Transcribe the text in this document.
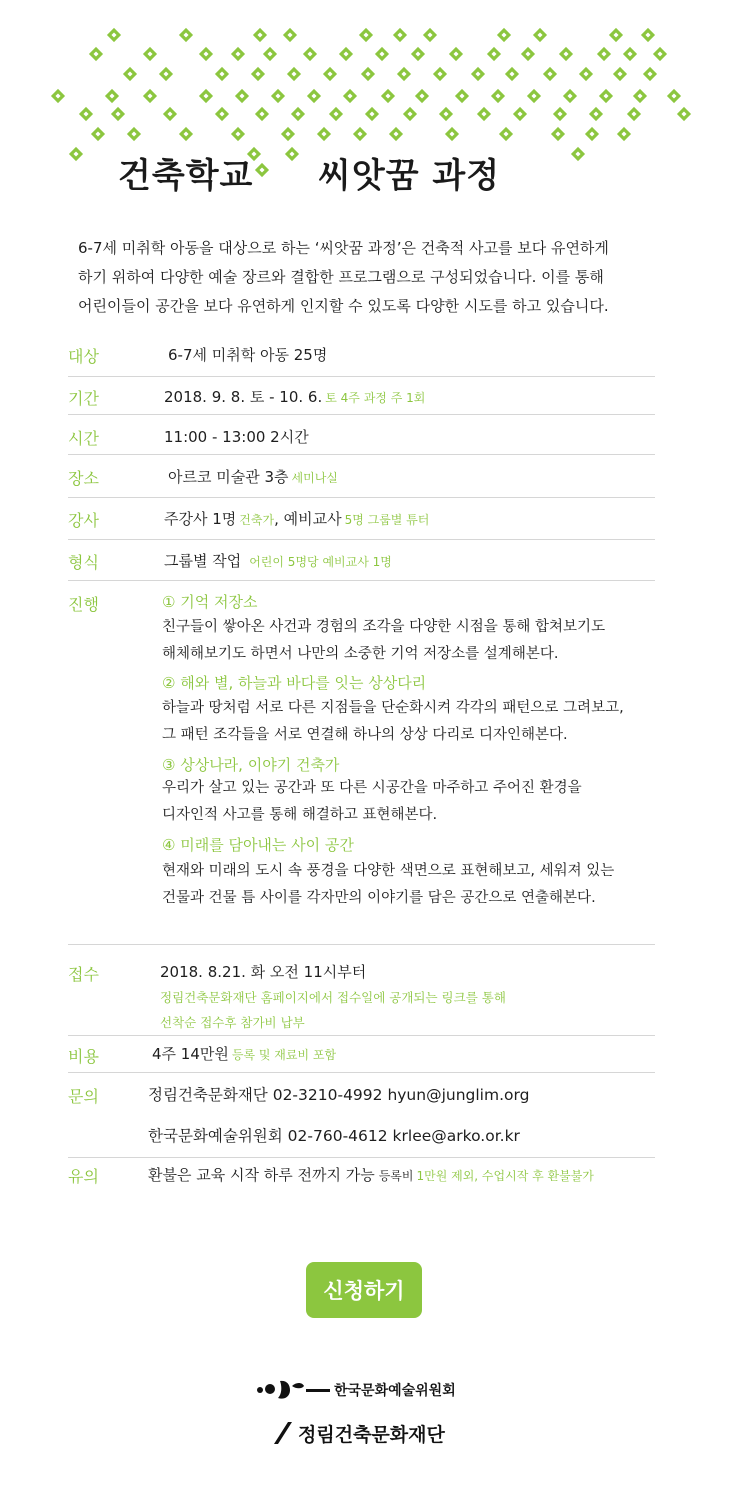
건축학교 씨앗꿈 과정

6-7세 미취학 아동을 대상으로 하는 ‘씨앗꿈 과정’은 건축적 사고를 보다 유연하게

하기 위하여 다양한 예술 장르와 결합한 프로그램으로 구성되었습니다. 이를 통해

어린이들이 공간을 보다 유연하게 인지할 수 있도록 다양한 시도를 하고 있습니다.

대상	6-7세 미취학 아동 25명
기간	2018. 9. 8. 토 - 10. 6. 토 4주 과정 주 1회
시간	11:00 - 13:00 2시간
장소	아르코 미술관 3층 세미나실
강사	주강사 1명 건축가, 예비교사 5명 그룹별 튜터
형식	그룹별 작업 어린이 5명당 예비교사 1명
진행	① 기억 저장소
친구들이 쌓아온 사건과 경험의 조각을 다양한 시점을 통해 합쳐보기도
해체해보기도 하면서 나만의 소중한 기억 저장소를 설계해본다.
② 해와 별, 하늘과 바다를 잇는 상상다리
하늘과 땅처럼 서로 다른 지점들을 단순화시켜 각각의 패턴으로 그려보고,
그 패턴 조각들을 서로 연결해 하나의 상상 다리로 디자인해본다.
③ 상상나라, 이야기 건축가
우리가 살고 있는 공간과 또 다른 시공간을 마주하고 주어진 환경을
디자인적 사고를 통해 해결하고 표현해본다.
④ 미래를 담아내는 사이 공간
현재와 미래의 도시 속 풍경을 다양한 색면으로 표현해보고, 세워져 있는
건물과 건물 틈 사이를 각자만의 이야기를 담은 공간으로 연출해본다.
접수	2018. 8.21. 화 오전 11시부터
정림건축문화재단 홈페이지에서 접수일에 공개되는 링크를 통해
선착순 접수후 참가비 납부
비용	4주 14만원 등록 및 재료비 포함
문의	정림건축문화재단 02-3210-4992 hyun@junglim.org
한국문화예술위원회 02-760-4612 krlee@arko.or.kr
유의	환불은 교육 시작 하루 전까지 가능 등록비 1만원 제외, 수업시작 후 환불불가
신청하기
한국문화예술위원회
정림건축문화재단
